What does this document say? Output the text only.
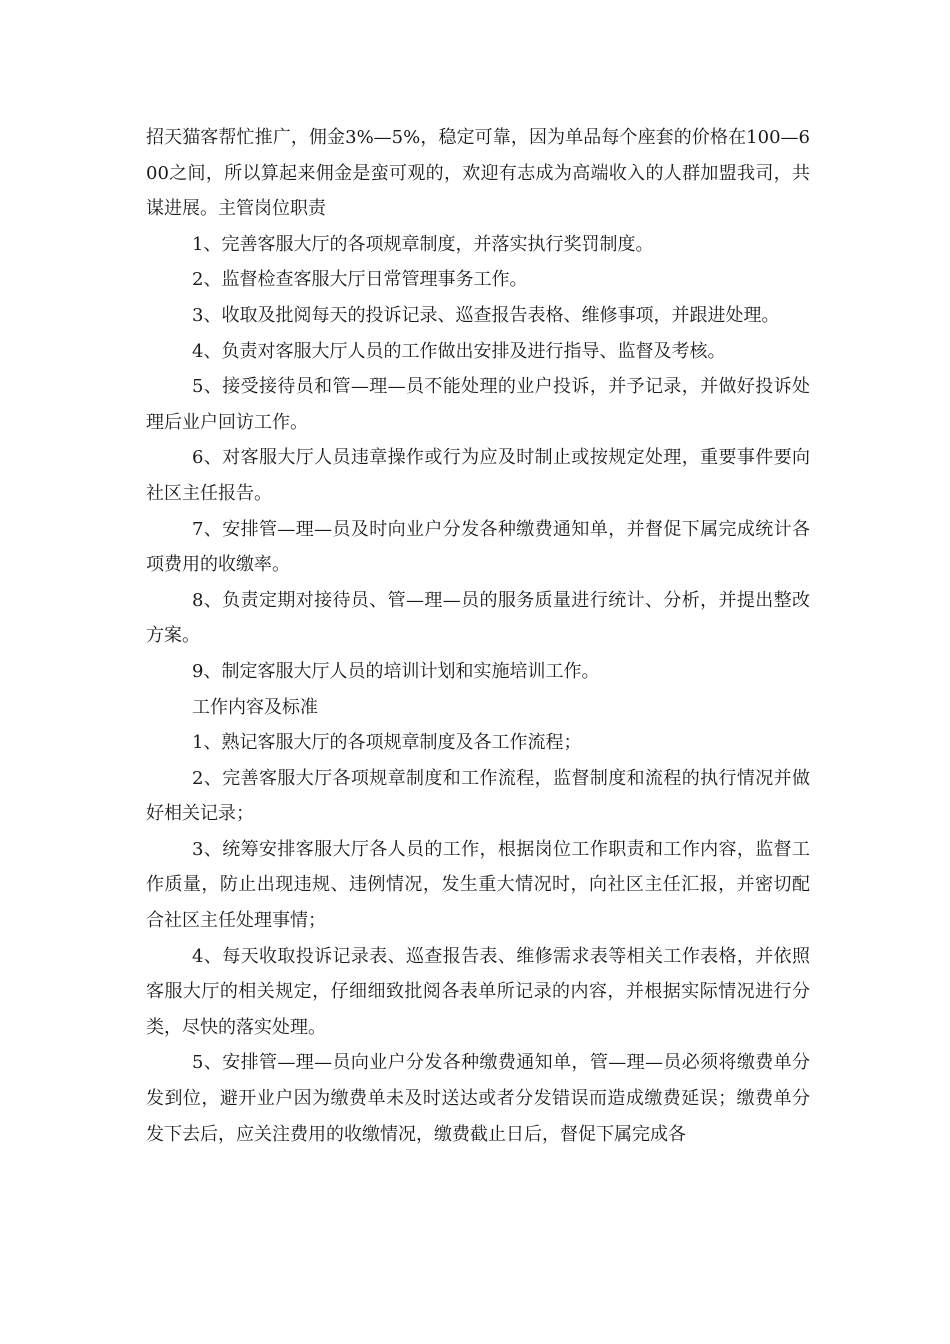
招天猫客帮忙推广，佣金3%—5%，稳定可靠，因为单品每个座套的价格在100—600之间，所以算起来佣金是蛮可观的，欢迎有志成为高端收入的人群加盟我司，共谋进展。主管岗位职责

1、完善客服大厅的各项规章制度，并落实执行奖罚制度。

2、监督检查客服大厅日常管理事务工作。

3、收取及批阅每天的投诉记录、巡查报告表格、维修事项，并跟进处理。

4、负责对客服大厅人员的工作做出安排及进行指导、监督及考核。

5、接受接待员和管—理—员不能处理的业户投诉，并予记录，并做好投诉处理后业户回访工作。

6、对客服大厅人员违章操作或行为应及时制止或按规定处理，重要事件要向社区主任报告。

7、安排管—理—员及时向业户分发各种缴费通知单，并督促下属完成统计各项费用的收缴率。

8、负责定期对接待员、管—理—员的服务质量进行统计、分析，并提出整改方案。

9、制定客服大厅人员的培训计划和实施培训工作。

工作内容及标准

1、熟记客服大厅的各项规章制度及各工作流程；

2、完善客服大厅各项规章制度和工作流程，监督制度和流程的执行情况并做好相关记录；

3、统筹安排客服大厅各人员的工作，根据岗位工作职责和工作内容，监督工作质量，防止出现违规、违例情况，发生重大情况时，向社区主任汇报，并密切配合社区主任处理事情；

4、每天收取投诉记录表、巡查报告表、维修需求表等相关工作表格，并依照客服大厅的相关规定，仔细细致批阅各表单所记录的内容，并根据实际情况进行分类，尽快的落实处理。

5、安排管—理—员向业户分发各种缴费通知单，管—理—员必须将缴费单分发到位，避开业户因为缴费单未及时送达或者分发错误而造成缴费延误；缴费单分发下去后，应关注费用的收缴情况，缴费截止日后，督促下属完成各
